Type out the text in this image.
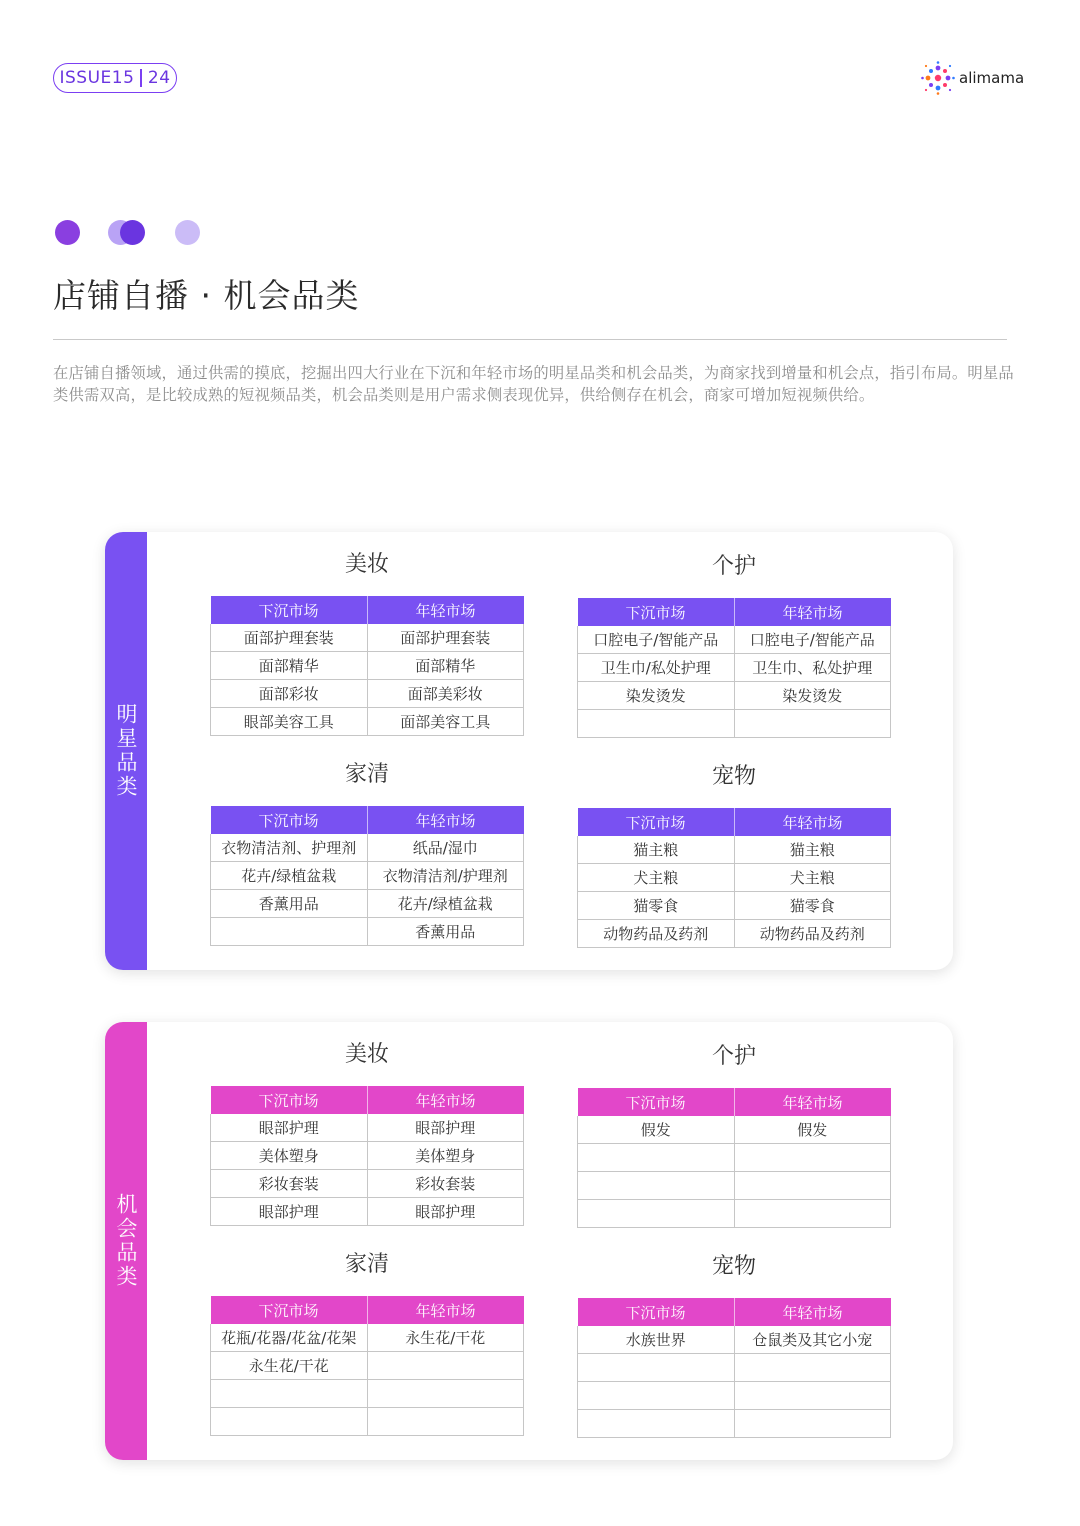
ISSUE15 24	alimama
店铺自播 · 机会品类
在店铺自播领域，通过供需的摸底，挖掘出四大行业在下沉和年轻市场的明星品类和机会品类，为商家找到增量和机会点，指引布局。明星品类供需双高，是比较成熟的短视频品类，机会品类则是用户需求侧表现优异，供给侧存在机会，商家可增加短视频供给。
明星品类
美妆
下沉市场	年轻市场
面部护理套装	面部护理套装
面部精华	面部精华
面部彩妆	面部美彩妆
眼部美容工具	面部美容工具
个护
下沉市场	年轻市场
口腔电子/智能产品	口腔电子/智能产品
卫生巾/私处护理	卫生巾、私处护理
染发烫发	染发烫发

家清
下沉市场	年轻市场
衣物清洁剂、护理剂	纸品/湿巾
花卉/绿植盆栽	衣物清洁剂/护理剂
香薰用品	花卉/绿植盆栽
	香薰用品
宠物
下沉市场	年轻市场
猫主粮	猫主粮
犬主粮	犬主粮
猫零食	猫零食
动物药品及药剂	动物药品及药剂
机会品类
美妆
下沉市场	年轻市场
眼部护理	眼部护理
美体塑身	美体塑身
彩妆套装	彩妆套装
眼部护理	眼部护理
个护
下沉市场	年轻市场
假发	假发

家清
下沉市场	年轻市场
花瓶/花器/花盆/花架	永生花/干花
永生花/干花	

宠物
下沉市场	年轻市场
水族世界	仓鼠类及其它小宠
